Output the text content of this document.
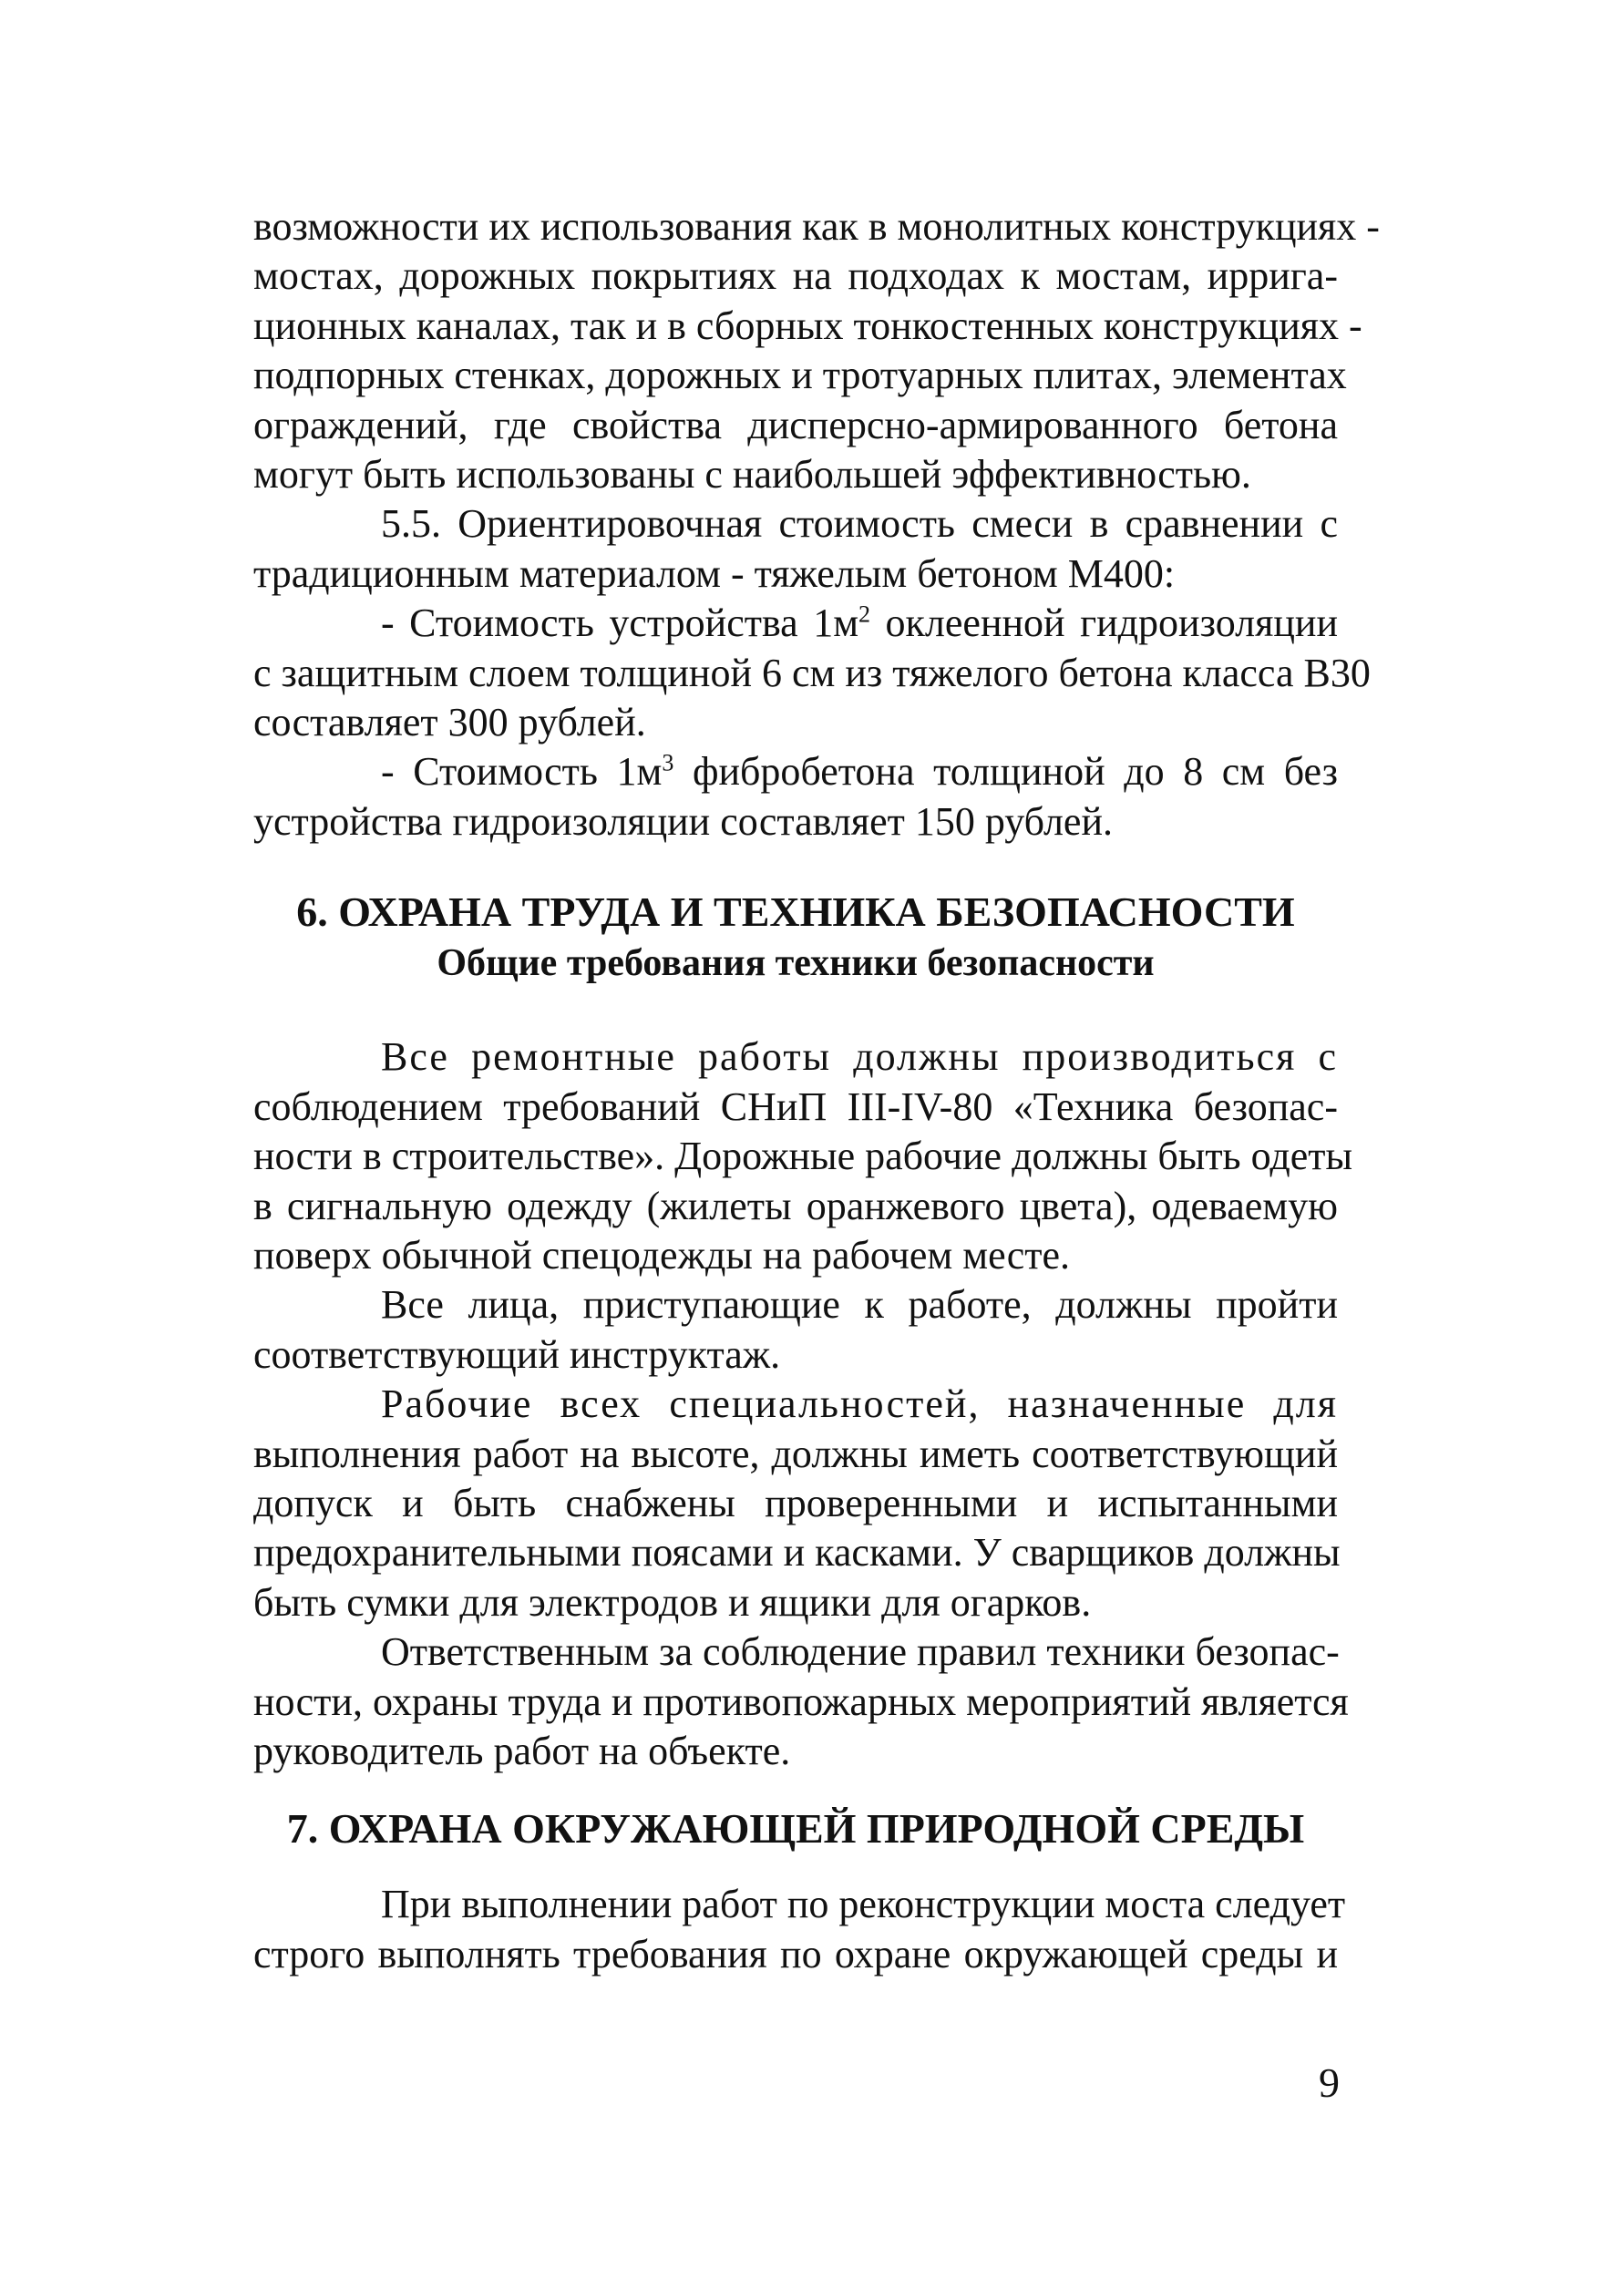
возможности их использования как в монолитных конструкциях -
мостах, дорожных покрытиях на подходах к мостам, ирригa-
ционных каналах, так и в сборных тонкостенных конструкциях -
подпорных стенках, дорожных и тротуарных плитах, элементах
ограждений, где свойства дисперсно-армированного бетона
могут быть использованы с наибольшей эффективностью.

5.5. Ориентировочная стоимость смеси в сравнении с
традиционным материалом - тяжелым бетоном М400:

- Стоимость устройства $1м^2$ оклеенной гидроизоляции
с защитным слоем толщиной 6 см из тяжелого бетона класса В30
составляет 300 рублей.

- Стоимость $1м^3$ фибробетона толщиной до 8 см без
устройства гидроизоляции составляет 150 рублей.

6. ОХРАНА ТРУДА И ТЕХНИКА БЕЗОПАСНОСТИ
Общие требования техники безопасности

Все ремонтные работы должны производиться с
соблюдением требований СНиП III-IV-80 «Техника безопас-
ности в строительстве». Дорожные рабочие должны быть одеты
в сигнальную одежду (жилеты оранжевого цвета), одеваемую
поверх обычной спецодежды на рабочем месте.

Все лица, приступающие к работе, должны пройти
соответствующий инструктаж.

Рабочие всех специальностей, назначенные для
выполнения работ на высоте, должны иметь соответствующий
допуск и быть снабжены проверенными и испытанными
предохранительными поясами и касками. У сварщиков должны
быть сумки для электродов и ящики для огарков.

Ответственным за соблюдение правил техники безопас-
ности, охраны труда и противопожарных мероприятий является
руководитель работ на объекте.

7. ОХРАНА ОКРУЖАЮЩЕЙ ПРИРОДНОЙ СРЕДЫ

При выполнении работ по реконструкции моста следует
строго выполнять требования по охране окружающей среды и

9
